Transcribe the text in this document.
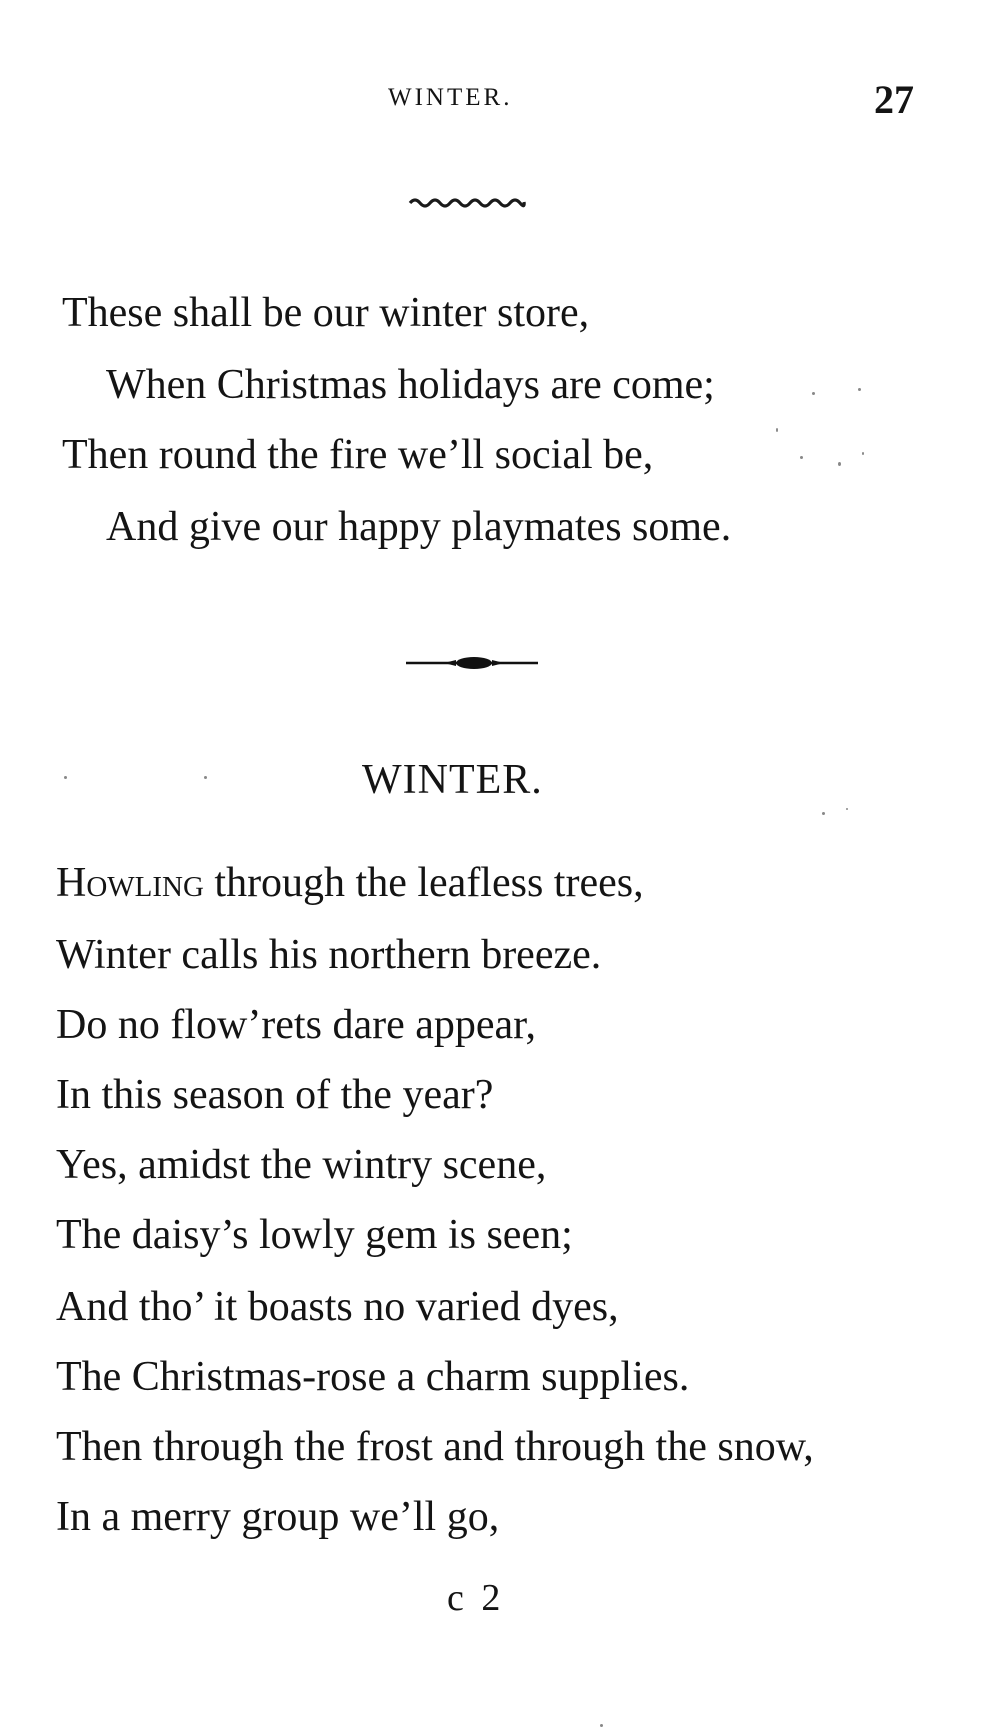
WINTER.	27
These shall be our winter store,
When Christmas holidays are come;
Then round the fire we’ll social be,
And give our happy playmates some.
WINTER.
Howling through the leafless trees,
Winter calls his northern breeze.
Do no flow’rets dare appear,
In this season of the year?
Yes, amidst the wintry scene,
The daisy’s lowly gem is seen;
And tho’ it boasts no varied dyes,
The Christmas-rose a charm supplies.
Then through the frost and through the snow,
In a merry group we’ll go,
c 2
